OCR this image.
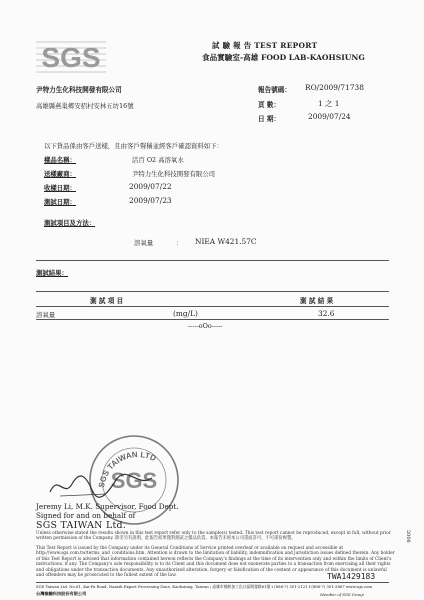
SGS	試 驗 報 告 TEST REPORT
食品實驗室-高雄 FOOD LAB-KAOHSIUNG
尹特力生化科技開發有限公司
高雄縣燕巢鄉安招村安林五坊16號
報告號碼： RO/2009/71738
頁 數：	1 之 1
日 期：	2009/07/24
以下貨品係由客戶送樣，且由客戶聲稱並經客戶確認資料如下：
樣品名稱：	活百 O2 高溶氧水
送樣廠商：	尹特力生化科技開發有限公司
收樣日期：	2009/07/22
測試日期：	2009/07/23
測試項目及方法：
溶氧量	： NIEA W421.57C
測試結果：
測 試 項 目	測 試 結 果
溶氧量	(mg/L)	32.6
-----oOo-----
SGS TAIWAN LTD
SGS
Jeremy Li, M.K. Supervisor, Food Dept.
Signed for and on behalf of
SGS TAIWAN Ltd.
Unless otherwise stated the results shown in this test report refer only to the sample(s) tested. This test report cannot be reproduced, except in full, without prior written permission of the Company. 除非另有說明，此報告結果僅對測試之樣品負責。本報告未經本公司書面許可，不可部份複製。
This Test Report is issued by the Company under its General Conditions of Service printed overleaf or available on request and accessible at http://www.sgs.com.tw/terms_and_conditions.htm. Attention is drawn to the limitation of liability, indemnification and jurisdiction issues defined therein. Any holder of this Test Report is advised that information contained hereon reflects the Company's findings at the time of its intervention only and within the limits of Client's instructions, if any. The Company's sole responsibility is to its Client and this document does not exonerate parties to a transaction from exercising all their rights and obligations under the transaction documents. Any unauthorized alteration, forgery or falsification of the content or appearance of this document is unlawful and offenders may be prosecuted to the fullest extent of the law.	TWA1429183
SGS Taiwan Ltd. No.61, Kai-Fa Road, Nanzih Export Processing Zone, Kaohsiung, Taiwan / 高雄市楠梓加工出口區開發路61號 t (886-7) 301-2121 f (886-7) 301-2867 www.sgs.com
台灣檢驗科技股份有限公司	Member of SGS Group
2006
